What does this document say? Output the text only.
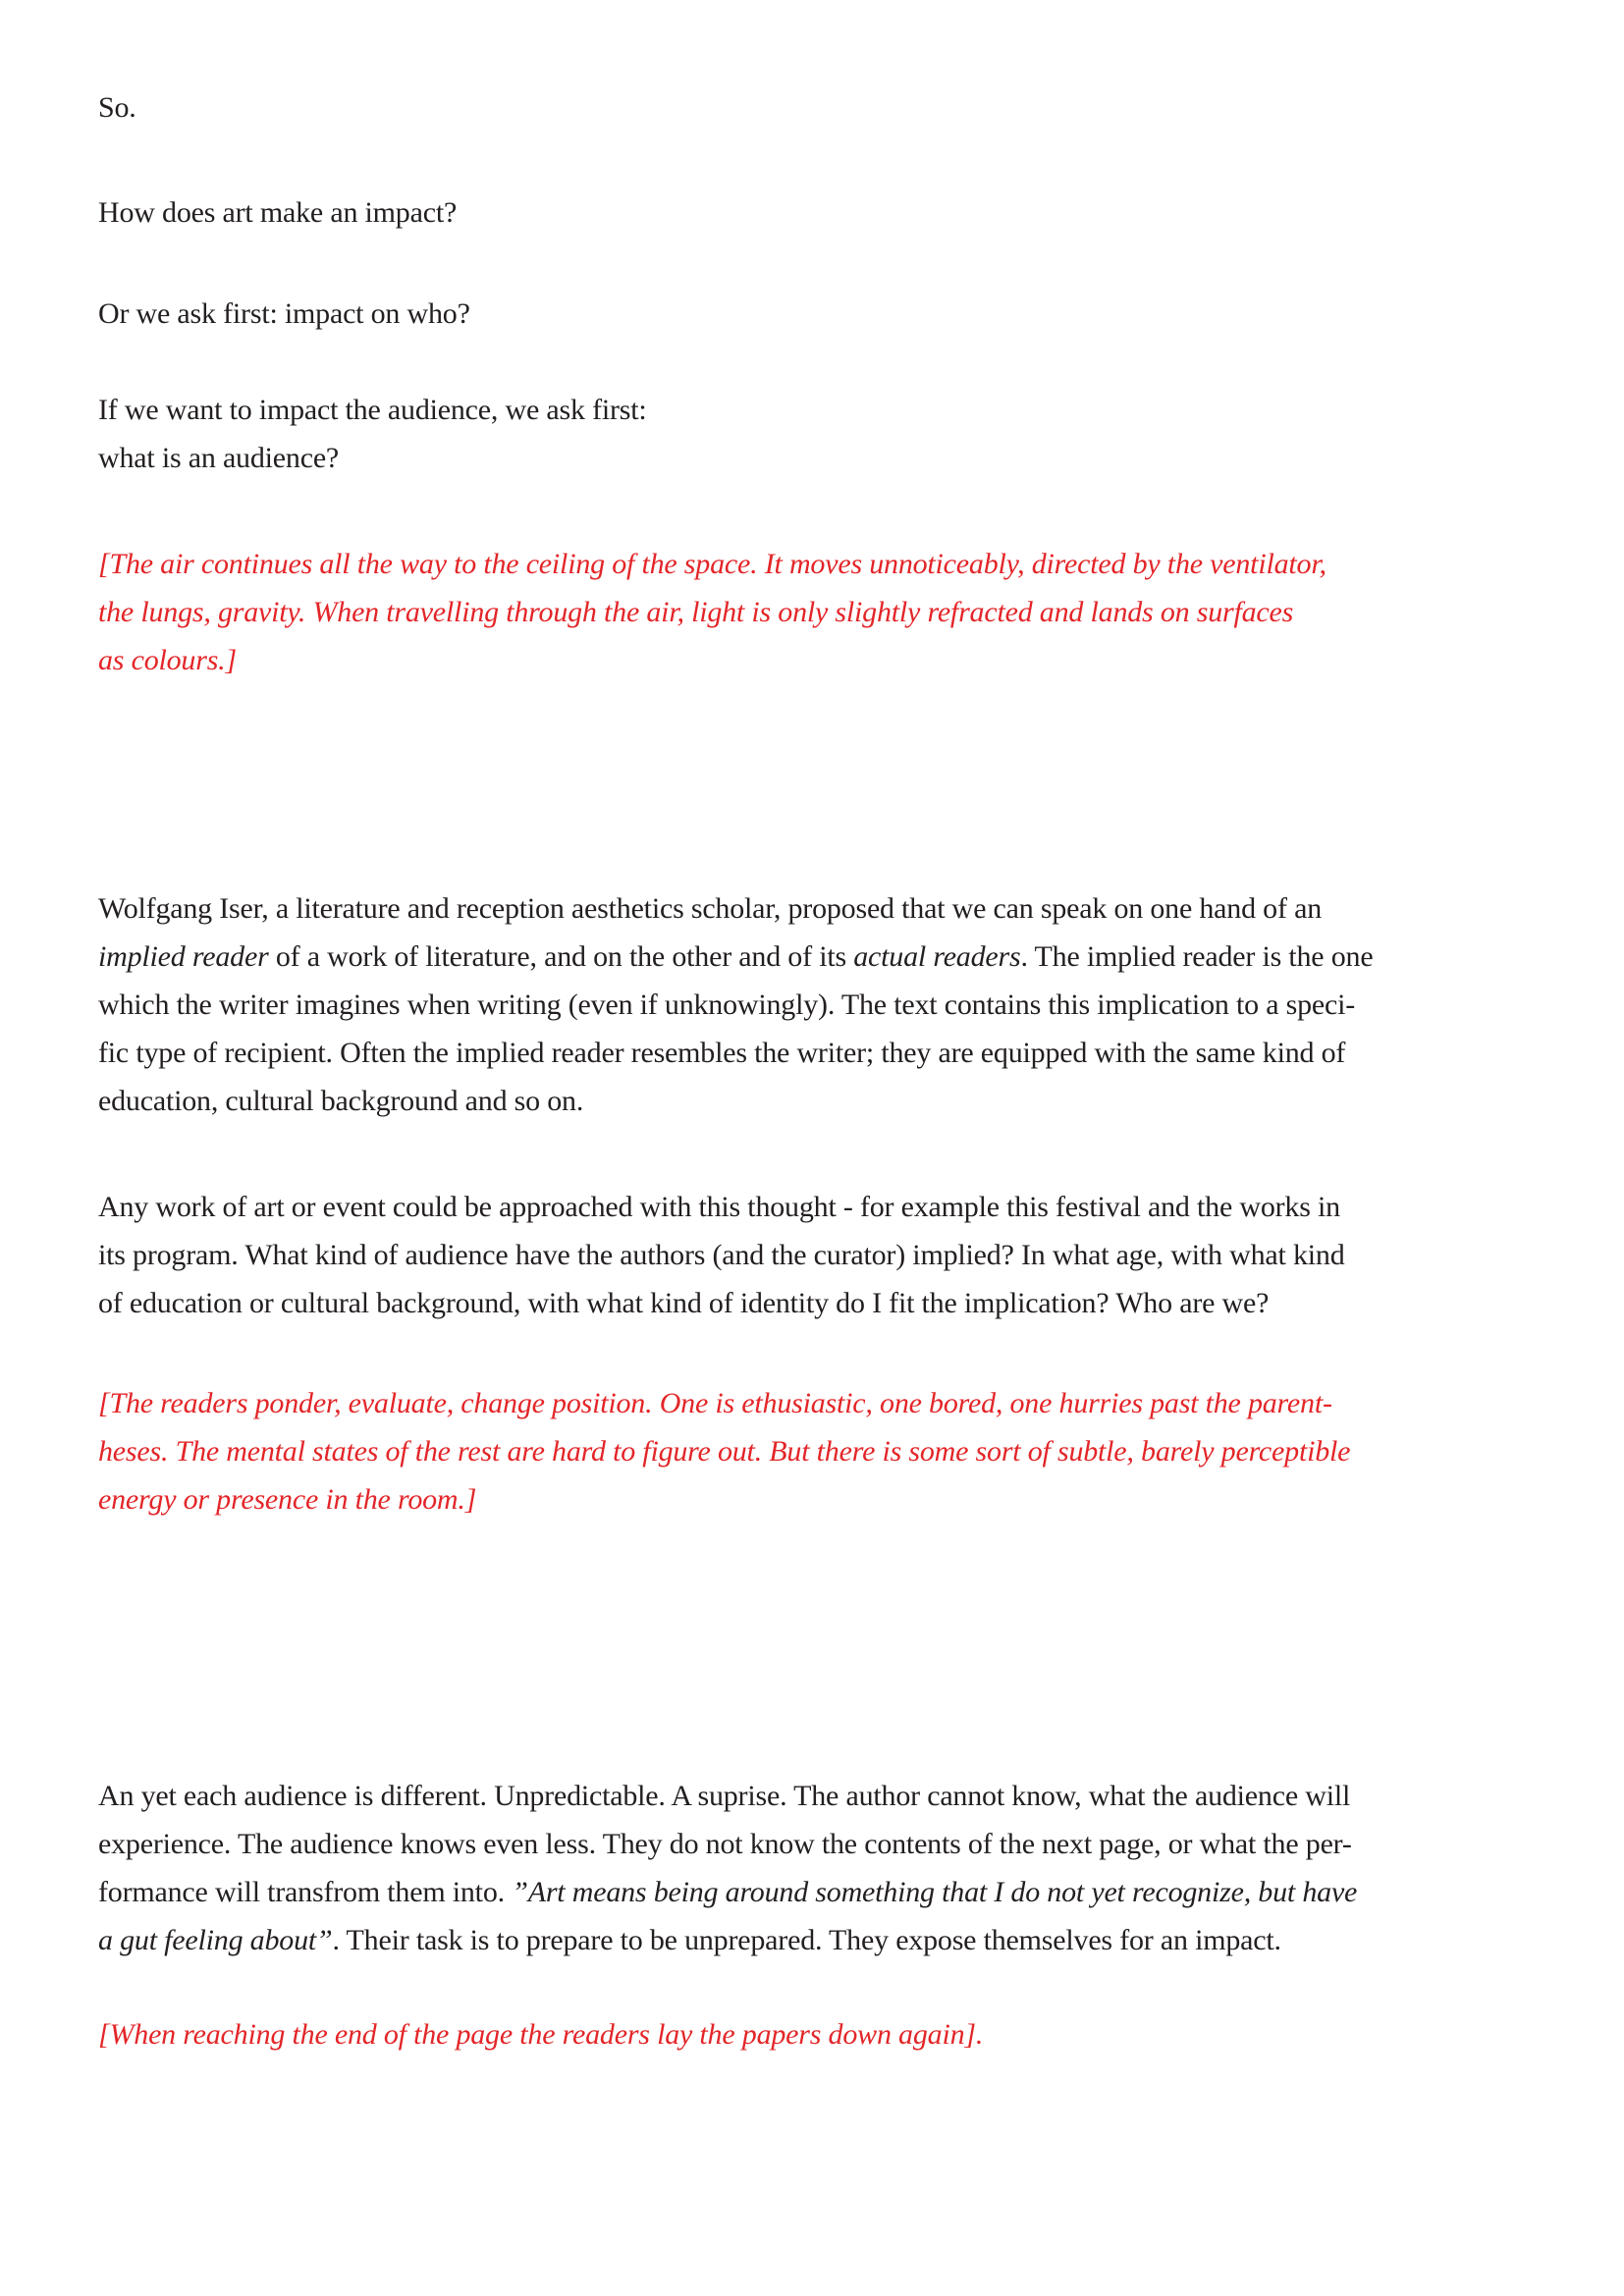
So.
How does art make an impact?
Or we ask first: impact on who?
If we want to impact the audience, we ask first:
what is an audience?
[The air continues all the way to the ceiling of the space. It moves unnoticeably, directed by the ventilator,
the lungs, gravity. When travelling through the air, light is only slightly refracted and lands on surfaces
as colours.]
Wolfgang Iser, a literature and reception aesthetics scholar, proposed that we can speak on one hand of an
implied reader of a work of literature, and on the other and of its actual readers. The implied reader is the one
which the writer imagines when writing (even if unknowingly). The text contains this implication to a speci-
fic type of recipient. Often the implied reader resembles the writer; they are equipped with the same kind of
education, cultural background and so on.
Any work of art or event could be approached with this thought - for example this festival and the works in
its program. What kind of audience have the authors (and the curator) implied? In what age, with what kind
of education or cultural background, with what kind of identity do I fit the implication? Who are we?
[The readers ponder, evaluate, change position. One is ethusiastic, one bored, one hurries past the parent-
heses. The mental states of the rest are hard to figure out. But there is some sort of subtle, barely perceptible
energy or presence in the room.]
An yet each audience is different. Unpredictable. A suprise. The author cannot know, what the audience will
experience. The audience knows even less. They do not know the contents of the next page, or what the per-
formance will transfrom them into. ”Art means being around something that I do not yet recognize, but have
a gut feeling about”. Their task is to prepare to be unprepared. They expose themselves for an impact.
[When reaching the end of the page the readers lay the papers down again].
